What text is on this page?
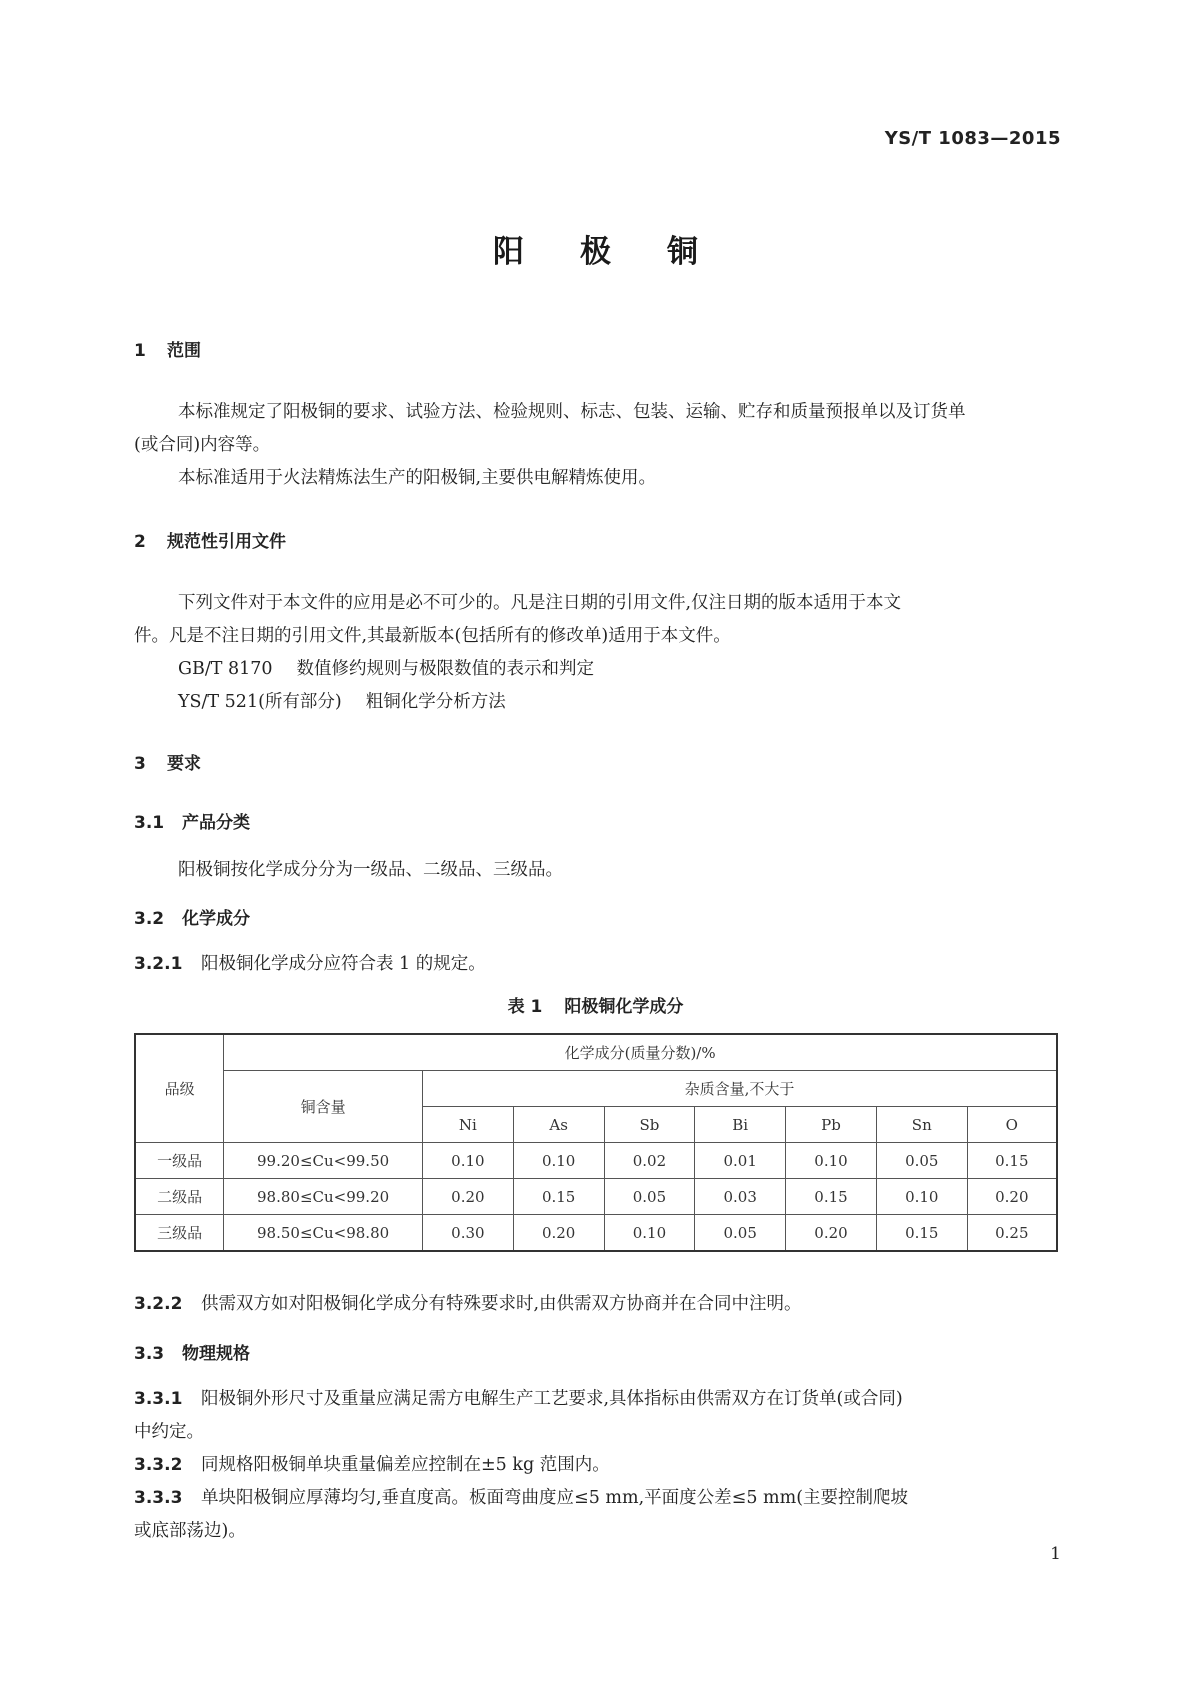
YS/T 1083—2015
阳极铜
1 范围
本标准规定了阳极铜的要求、试验方法、检验规则、标志、包装、运输、贮存和质量预报单以及订货单
(或合同)内容等。
本标准适用于火法精炼法生产的阳极铜,主要供电解精炼使用。
2 规范性引用文件
下列文件对于本文件的应用是必不可少的。凡是注日期的引用文件,仅注日期的版本适用于本文
件。凡是不注日期的引用文件,其最新版本(包括所有的修改单)适用于本文件。
GB/T 8170 数值修约规则与极限数值的表示和判定
YS/T 521(所有部分) 粗铜化学分析方法
3 要求
3.1 产品分类
阳极铜按化学成分分为一级品、二级品、三级品。
3.2 化学成分
3.2.1 阳极铜化学成分应符合表 1 的规定。
表 1 阳极铜化学成分
品级	化学成分(质量分数)/%							
	铜含量	杂质含量,不大于						
		Ni	As	Sb	Bi	Pb	Sn	O
一级品	99.20≤Cu<99.50	0.10	0.10	0.02	0.01	0.10	0.05	0.15
二级品	98.80≤Cu<99.20	0.20	0.15	0.05	0.03	0.15	0.10	0.20
三级品	98.50≤Cu<98.80	0.30	0.20	0.10	0.05	0.20	0.15	0.25
3.2.2 供需双方如对阳极铜化学成分有特殊要求时,由供需双方协商并在合同中注明。
3.3 物理规格
3.3.1 阳极铜外形尺寸及重量应满足需方电解生产工艺要求,具体指标由供需双方在订货单(或合同)
中约定。
3.3.2 同规格阳极铜单块重量偏差应控制在±5 kg 范围内。
3.3.3 单块阳极铜应厚薄均匀,垂直度高。板面弯曲度应≤5 mm,平面度公差≤5 mm(主要控制爬坡
或底部荡边)。
1
